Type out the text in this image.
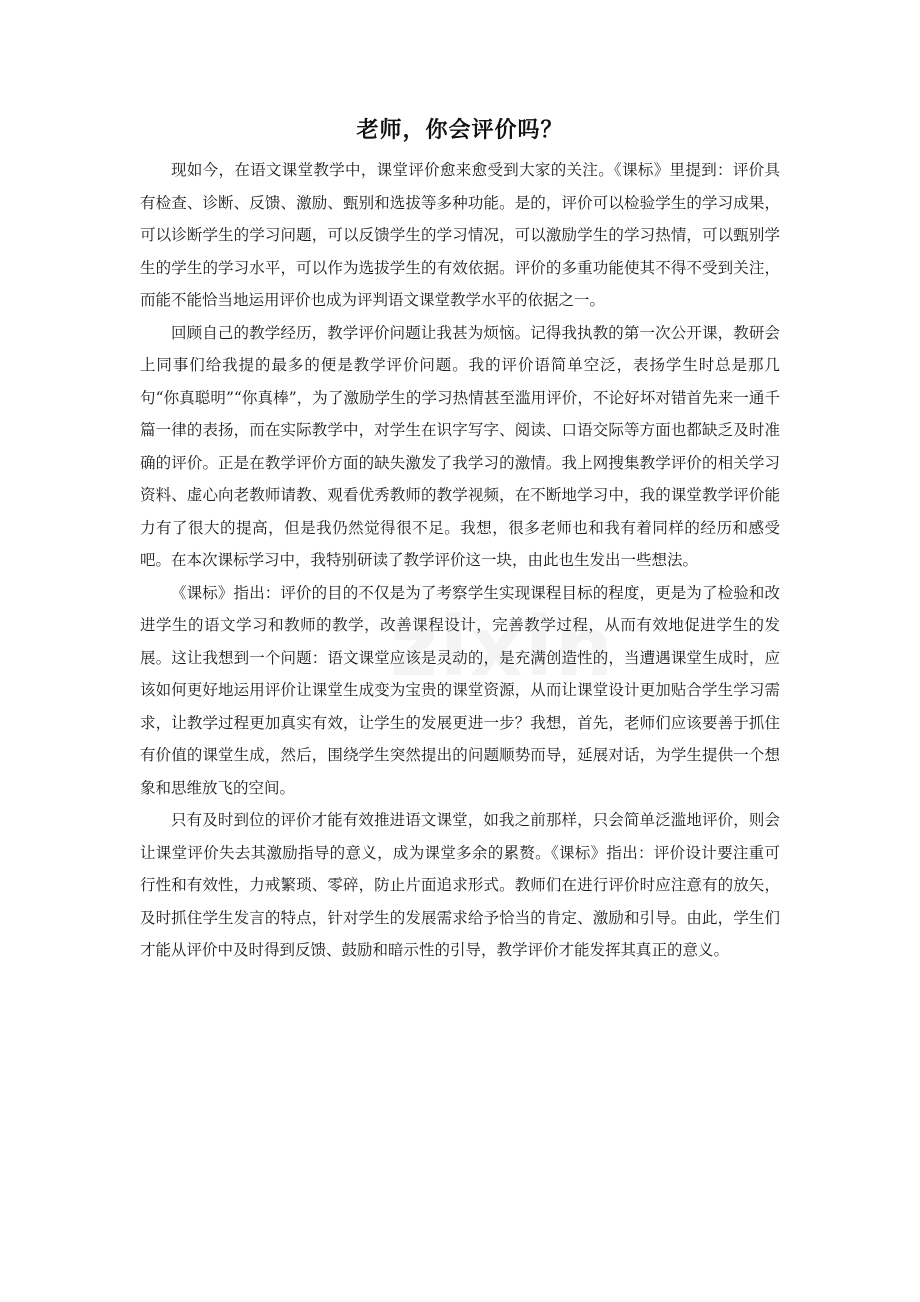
老师，你会评价吗？

现如今，在语文课堂教学中，课堂评价愈来愈受到大家的关注。《课标》里提到：评价具有检查、诊断、反馈、激励、甄别和选拔等多种功能。是的，评价可以检验学生的学习成果，可以诊断学生的学习问题，可以反馈学生的学习情况，可以激励学生的学习热情，可以甄别学生的学生的学习水平，可以作为选拔学生的有效依据。评价的多重功能使其不得不受到关注，而能不能恰当地运用评价也成为评判语文课堂教学水平的依据之一。

回顾自己的教学经历，教学评价问题让我甚为烦恼。记得我执教的第一次公开课，教研会上同事们给我提的最多的便是教学评价问题。我的评价语简单空泛，表扬学生时总是那几句“你真聪明”“你真棒”，为了激励学生的学习热情甚至滥用评价，不论好坏对错首先来一通千篇一律的表扬，而在实际教学中，对学生在识字写字、阅读、口语交际等方面也都缺乏及时准确的评价。正是在教学评价方面的缺失激发了我学习的激情。我上网搜集教学评价的相关学习资料、虚心向老教师请教、观看优秀教师的教学视频，在不断地学习中，我的课堂教学评价能力有了很大的提高，但是我仍然觉得很不足。我想，很多老师也和我有着同样的经历和感受吧。在本次课标学习中，我特别研读了教学评价这一块，由此也生发出一些想法。

《课标》指出：评价的目的不仅是为了考察学生实现课程目标的程度，更是为了检验和改进学生的语文学习和教师的教学，改善课程设计，完善教学过程，从而有效地促进学生的发展。这让我想到一个问题：语文课堂应该是灵动的，是充满创造性的，当遭遇课堂生成时，应该如何更好地运用评价让课堂生成变为宝贵的课堂资源，从而让课堂设计更加贴合学生学习需求，让教学过程更加真实有效，让学生的发展更进一步？我想，首先，老师们应该要善于抓住有价值的课堂生成，然后，围绕学生突然提出的问题顺势而导，延展对话，为学生提供一个想象和思维放飞的空间。

只有及时到位的评价才能有效推进语文课堂，如我之前那样，只会简单泛滥地评价，则会让课堂评价失去其激励指导的意义，成为课堂多余的累赘。《课标》指出：评价设计要注重可行性和有效性，力戒繁琐、零碎，防止片面追求形式。教师们在进行评价时应注意有的放矢，及时抓住学生发言的特点，针对学生的发展需求给予恰当的肯定、激励和引导。由此，学生们才能从评价中及时得到反馈、鼓励和暗示性的引导，教学评价才能发挥其真正的意义。
